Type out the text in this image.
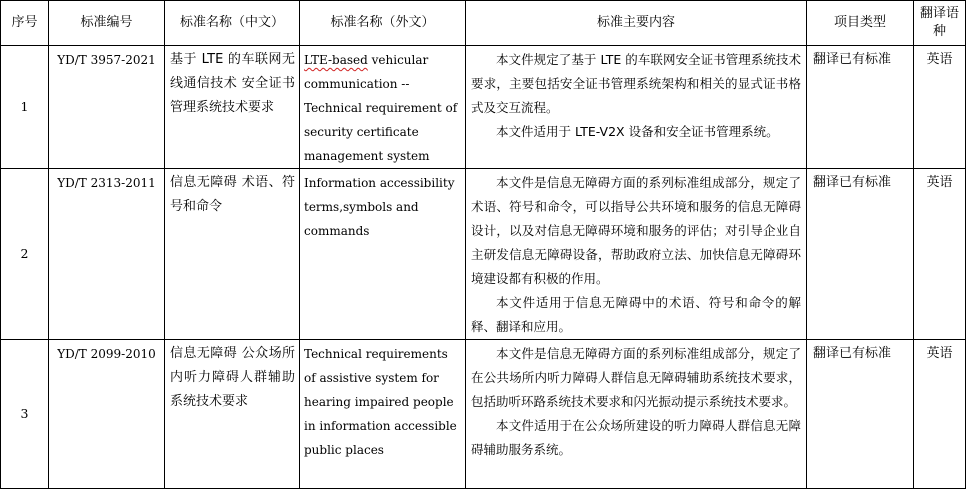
序号	标准编号	标准名称（中文）	标准名称（外文）	标准主要内容	项目类型	翻译语种
1	YD/T 3957-2021	基于 LTE 的车联网无线通信技术 安全证书管理系统技术要求	LTE-based vehicular communication --Technical requirement of security certificate management system	本文件规定了基于 LTE 的车联网安全证书管理系统技术要求，主要包括安全证书管理系统架构和相关的显式证书格式及交互流程。

本文件适用于 LTE-V2X 设备和安全证书管理系统。	翻译已有标准	英语
2	YD/T 2313-2011	信息无障碍 术语、符号和命令	Information accessibility terms,symbols and commands	本文件是信息无障碍方面的系列标准组成部分，规定了术语、符号和命令，可以指导公共环境和服务的信息无障碍设计，以及对信息无障碍环境和服务的评估；对引导企业自主研发信息无障碍设备，帮助政府立法、加快信息无障碍环境建设都有积极的作用。

本文件适用于信息无障碍中的术语、符号和命令的解释、翻译和应用。	翻译已有标准	英语
3	YD/T 2099-2010	信息无障碍 公众场所内听力障碍人群辅助系统技术要求	Technical requirements of assistive system for hearing impaired people in information accessible public places	本文件是信息无障碍方面的系列标准组成部分，规定了在公共场所内听力障碍人群信息无障碍辅助系统技术要求，包括助听环路系统技术要求和闪光振动提示系统技术要求。

本文件适用于在公众场所建设的听力障碍人群信息无障碍辅助服务系统。	翻译已有标准	英语
